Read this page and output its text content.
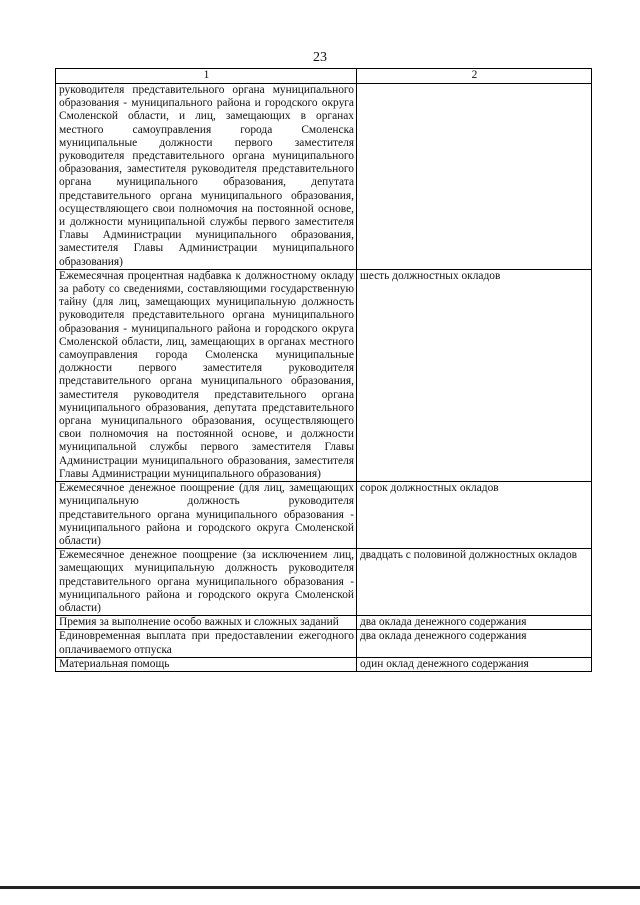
23
1	2
руководителя представительного органа муниципального образования - муниципального района и городского округа Смоленской области, и лиц, замещающих в органах местного самоуправления города Смоленска муниципальные должности первого заместителя руководителя представительного органа муниципального образования, заместителя руководителя представительного органа муниципального образования, депутата представительного органа муниципального образования, осуществляющего свои полномочия на постоянной основе, и должности муниципальной службы первого заместителя Главы Администрации муниципального образования, заместителя Главы Администрации муниципального образования)	
Ежемесячная процентная надбавка к должностному окладу за работу со сведениями, составляющими государственную тайну (для лиц, замещающих муниципальную должность руководителя представительного органа муниципального образования - муниципального района и городского округа Смоленской области, лиц, замещающих в органах местного самоуправления города Смоленска муниципальные должности первого заместителя руководителя представительного органа муниципального образования, заместителя руководителя представительного органа муниципального образования, депутата представительного органа муниципального образования, осуществляющего свои полномочия на постоянной основе, и должности муниципальной службы первого заместителя Главы Администрации муниципального образования, заместителя Главы Администрации муниципального образования)	шесть должностных окладов
Ежемесячное денежное поощрение (для лиц, замещающих муниципальную должность руководителя представительного органа муниципального образования - муниципального района и городского округа Смоленской области)	сорок должностных окладов
Ежемесячное денежное поощрение (за исключением лиц, замещающих муниципальную должность руководителя представительного органа муниципального образования - муниципального района и городского округа Смоленской области)	двадцать с половиной должностных окладов
Премия за выполнение особо важных и сложных заданий	два оклада денежного содержания
Единовременная выплата при предоставлении ежегодного оплачиваемого отпуска	два оклада денежного содержания
Материальная помощь	один оклад денежного содержания
